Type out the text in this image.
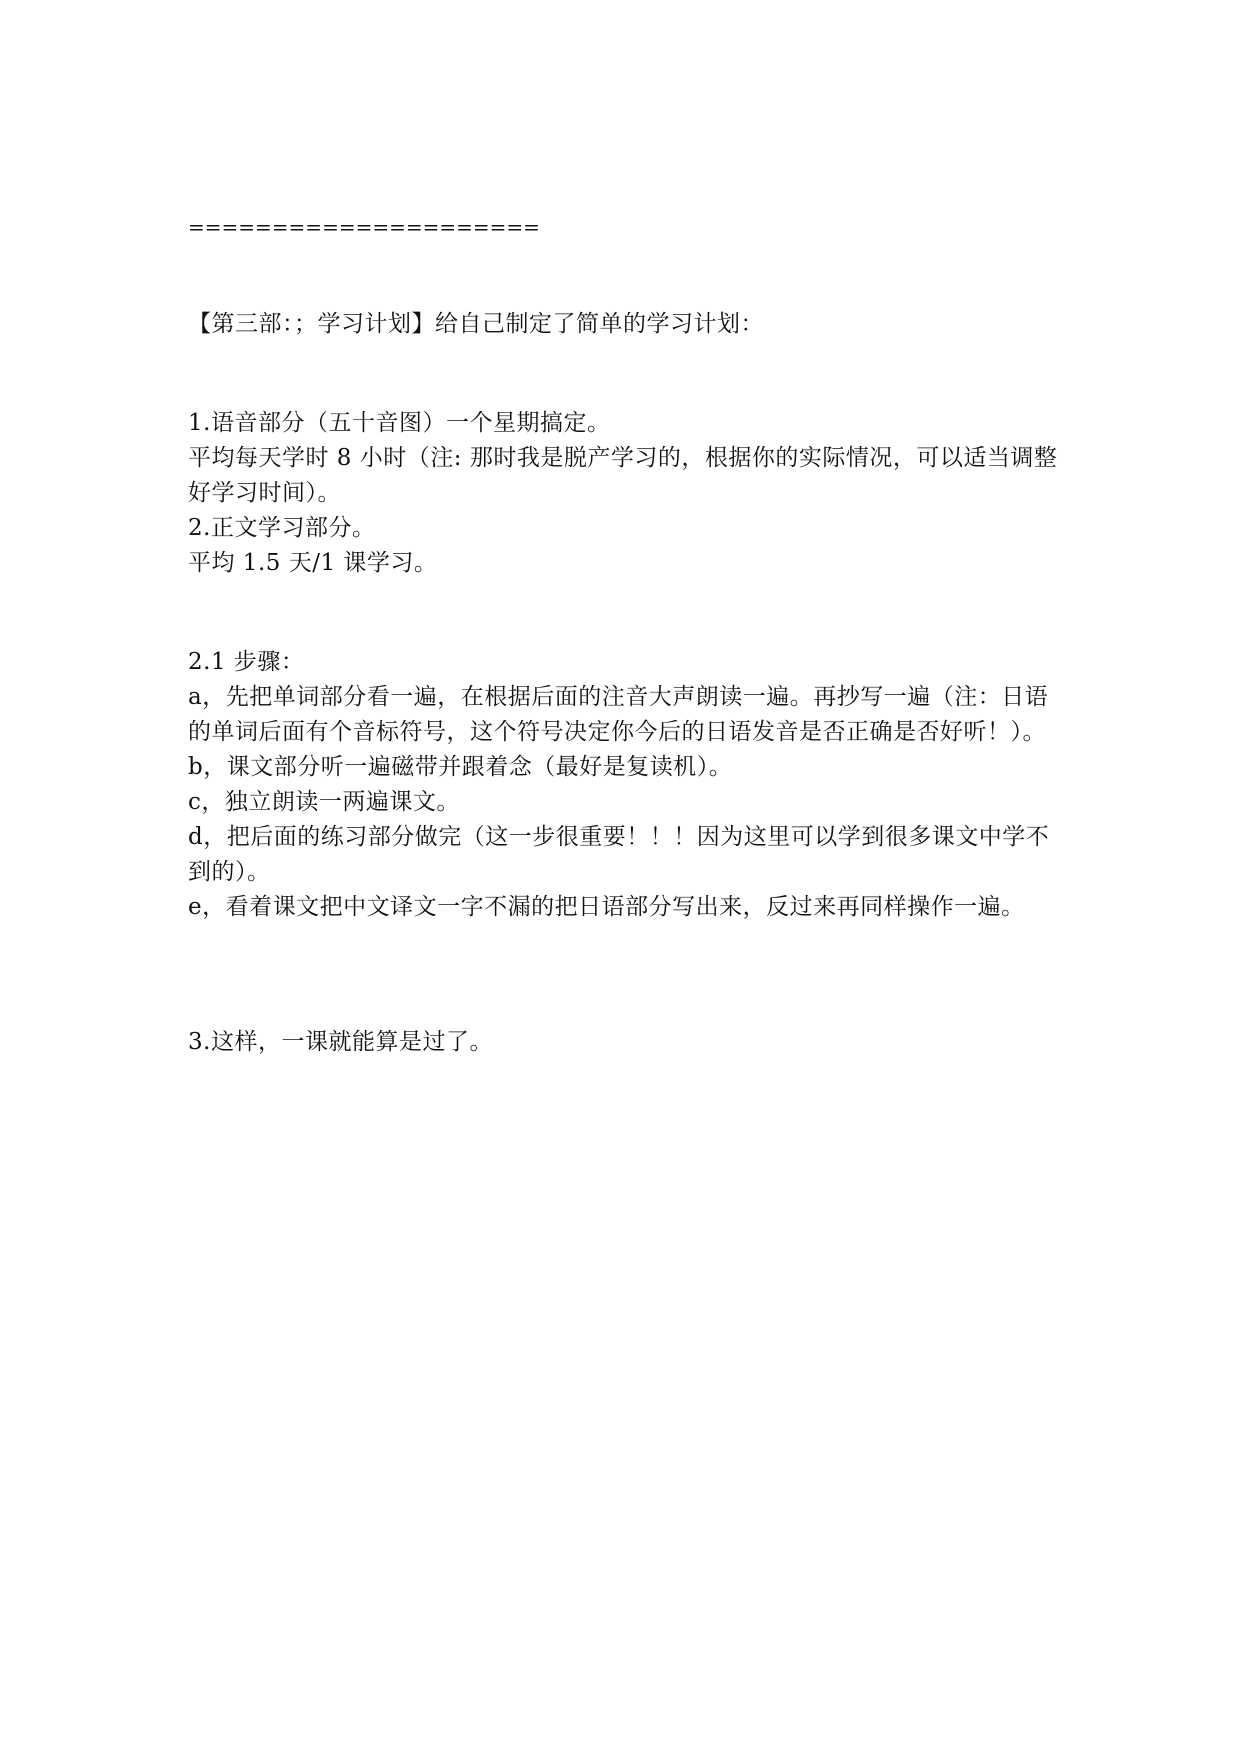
=====================
【第三部：；学习计划】给自己制定了简单的学习计划：
1.语音部分（五十音图）一个星期搞定。
平均每天学时 8 小时（注: 那时我是脱产学习的，根据你的实际情况，可以适当调整好学习时间）。
2.正文学习部分。
平均 1.5 天/1 课学习。
2.1 步骤：
a，先把单词部分看一遍，在根据后面的注音大声朗读一遍。再抄写一遍（注：日语的单词后面有个音标符号，这个符号决定你今后的日语发音是否正确是否好听！）。
b，课文部分听一遍磁带并跟着念（最好是复读机）。
c，独立朗读一两遍课文。
d，把后面的练习部分做完（这一步很重要！！！因为这里可以学到很多课文中学不到的）。
e，看着课文把中文译文一字不漏的把日语部分写出来，反过来再同样操作一遍。
3.这样，一课就能算是过了。
